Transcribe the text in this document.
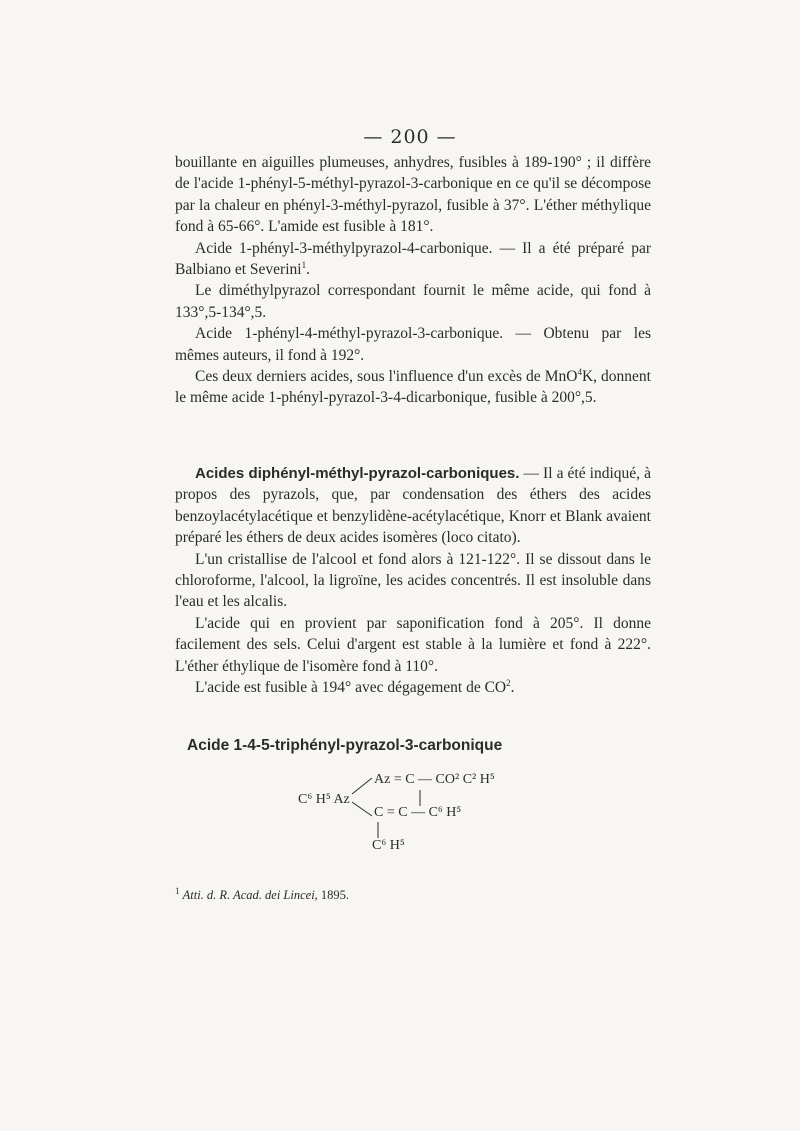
— 200 —

bouillante en aiguilles plumeuses, anhydres, fusibles à 189-190° ; il diffère de l'acide 1-phényl-5-méthyl-pyrazol-3-carbonique en ce qu'il se décompose par la chaleur en phényl-3-méthyl-pyrazol, fusible à 37°. L'éther méthylique fond à 65-66°. L'amide est fusible à 181°.

Acide 1-phényl-3-méthylpyrazol-4-carbonique. — Il a été préparé par Balbiano et Severini$^1$.

Le diméthylpyrazol correspondant fournit le même acide, qui fond à 133°,5-134°,5.

Acide 1-phényl-4-méthyl-pyrazol-3-carbonique. — Obtenu par les mêmes auteurs, il fond à 192°.

Ces deux derniers acides, sous l'influence d'un excès de MnO$^4$K, donnent le même acide 1-phényl-pyrazol-3-4-dicarbonique, fusible à 200°,5.

Acides diphényl-méthyl-pyrazol-carboniques. — Il a été indiqué, à propos des pyrazols, que, par condensation des éthers des acides benzoylacétylacétique et benzylidène-acétylacétique, Knorr et Blank avaient préparé les éthers de deux acides isomères (loco citato).

L'un cristallise de l'alcool et fond alors à 121-122°. Il se dissout dans le chloroforme, l'alcool, la ligroïne, les acides concentrés. Il est insoluble dans l'eau et les alcalis.

L'acide qui en provient par saponification fond à 205°. Il donne facilement des sels. Celui d'argent est stable à la lumière et fond à 222°. L'éther éthylique de l'isomère fond à 110°.

L'acide est fusible à 194° avec dégagement de $CO^2$.

Acide 1-4-5-triphényl-pyrazol-3-carbonique
C⁶ H⁵ Az
Az = C — CO² C² H⁵
C = C — C⁶ H⁵
C⁶ H⁵
$^1$ Atti. d. R. Acad. dei Lincei, 1895.
